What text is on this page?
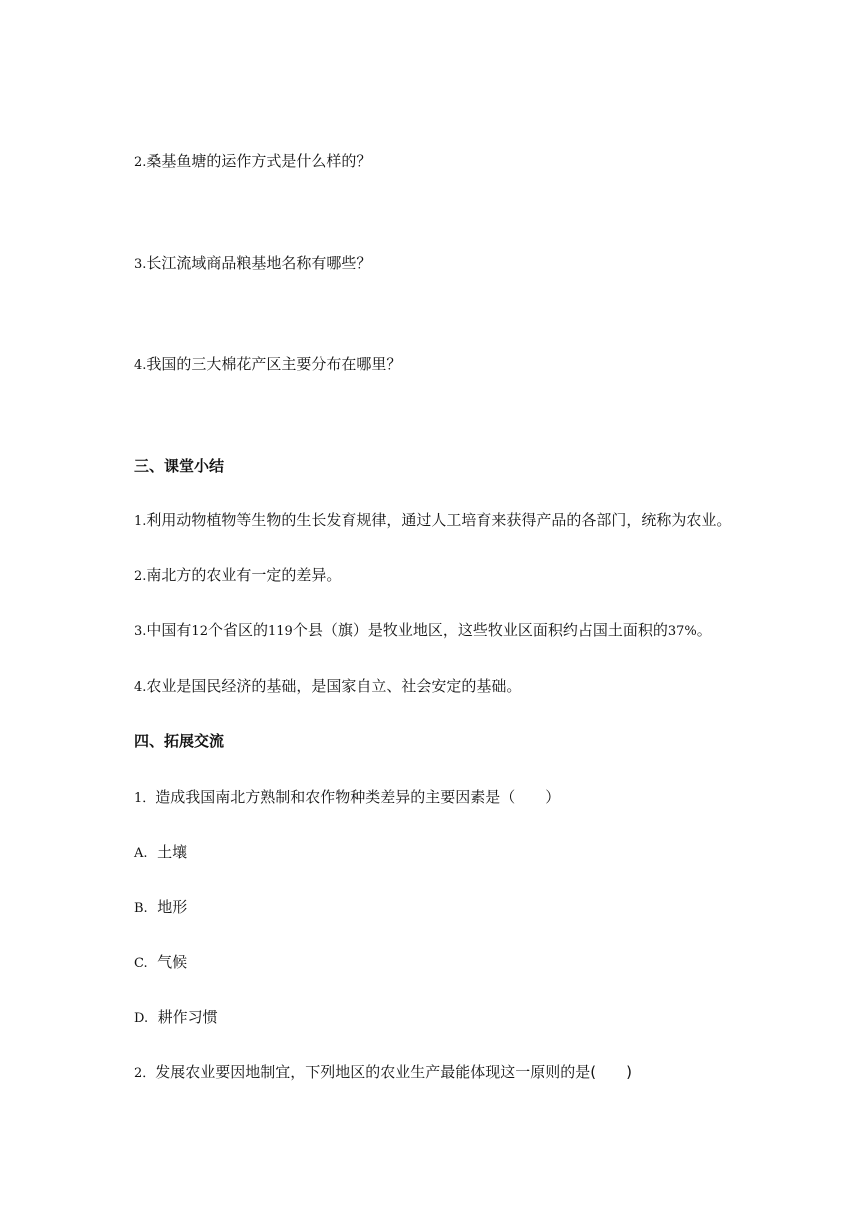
2.桑基鱼塘的运作方式是什么样的？
3.长江流域商品粮基地名称有哪些？
4.我国的三大棉花产区主要分布在哪里？
三、课堂小结
1.利用动物植物等生物的生长发育规律，通过人工培育来获得产品的各部门，统称为农业。
2.南北方的农业有一定的差异。
3.中国有12个省区的119个县（旗）是牧业地区，这些牧业区面积约占国土面积的37%。
4.农业是国民经济的基础，是国家自立、社会安定的基础。
四、拓展交流
1．造成我国南北方熟制和农作物种类差异的主要因素是（　　）
A. 土壤
B. 地形
C. 气候
D. 耕作习惯
2．发展农业要因地制宜，下列地区的农业生产最能体现这一原则的是(　　)
